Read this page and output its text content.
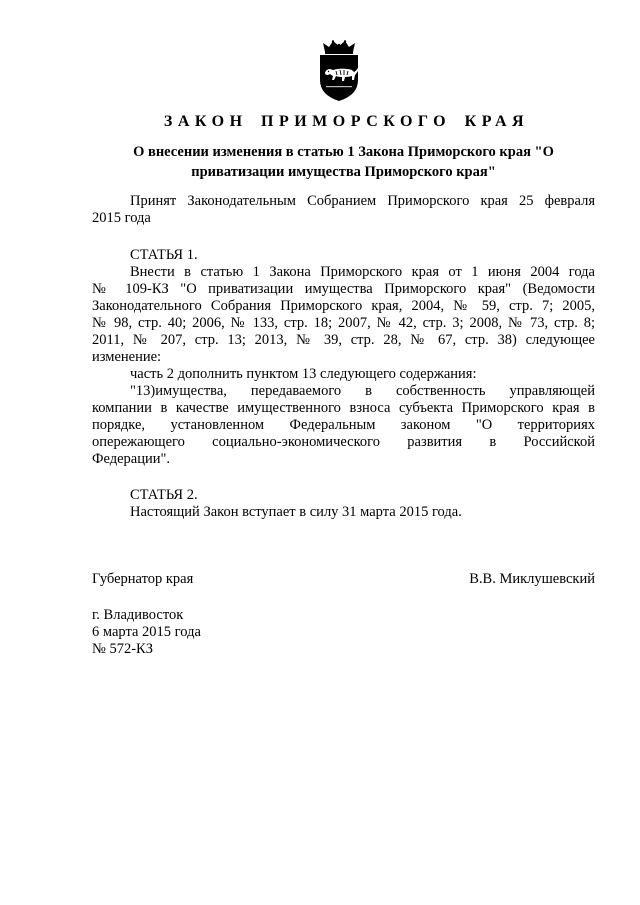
ЗАКОН ПРИМОРСКОГО КРАЯ
О внесении изменения в статью 1 Закона Приморского края "О
приватизации имущества Приморского края"
Принят Законодательным Собранием Приморского края 25 февраля
2015 года
СТАТЬЯ 1.
Внести в статью 1 Закона Приморского края от 1 июня 2004 года
№ 109-КЗ "О приватизации имущества Приморского края" (Ведомости
Законодательного Собрания Приморского края, 2004, № 59, стр. 7; 2005,
№ 98, стр. 40; 2006, № 133, стр. 18; 2007, № 42, стр. 3; 2008, № 73, стр. 8;
2011, № 207, стр. 13; 2013, № 39, стр. 28, № 67, стр. 38) следующее
изменение:
часть 2 дополнить пунктом 13 следующего содержания:
"13)имущества, передаваемого в собственность управляющей
компании в качестве имущественного взноса субъекта Приморского края в
порядке, установленном Федеральным законом "О территориях
опережающего социально-экономического развития в Российской
Федерации".
СТАТЬЯ 2.
Настоящий Закон вступает в силу 31 марта 2015 года.
Губернатор края	В.В. Миклушевский
г. Владивосток
6 марта 2015 года
№ 572-КЗ
